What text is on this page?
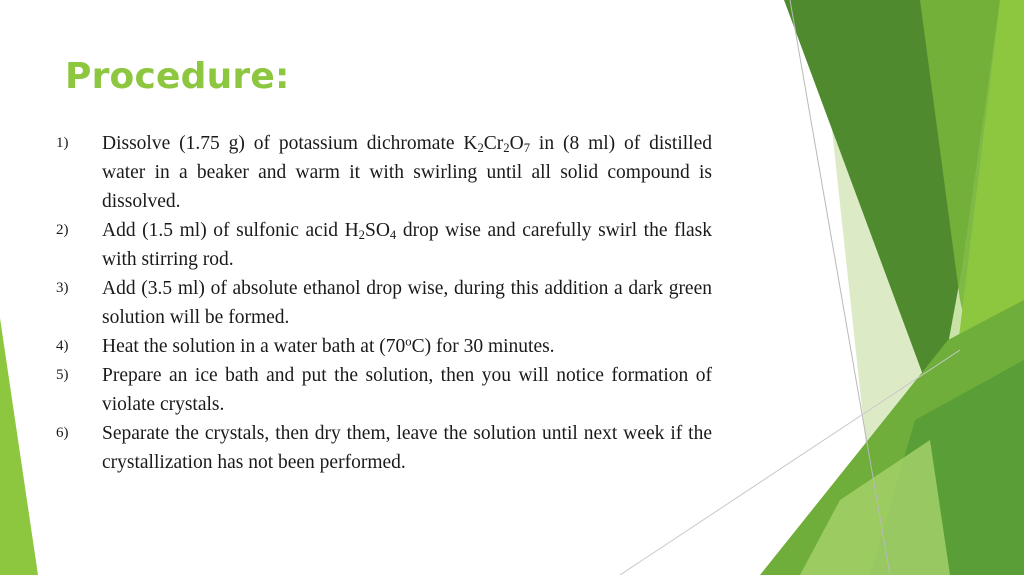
Procedure:
1)	Dissolve (1.75 g) of potassium dichromate $K_2Cr_2O_7$ in (8 ml) of distilled water in a beaker and warm it with swirling until all solid compound is dissolved.
2)	Add (1.5 ml) of sulfonic acid $H_2SO_4$ drop wise and carefully swirl the flask with stirring rod.
3)	Add (3.5 ml) of absolute ethanol drop wise, during this addition a dark green solution will be formed.
4)	Heat the solution in a water bath at (70$^o$C) for 30 minutes.
5)	Prepare an ice bath and put the solution, then you will notice formation of violate crystals.
6)	Separate the crystals, then dry them, leave the solution until next week if the crystallization has not been performed.
